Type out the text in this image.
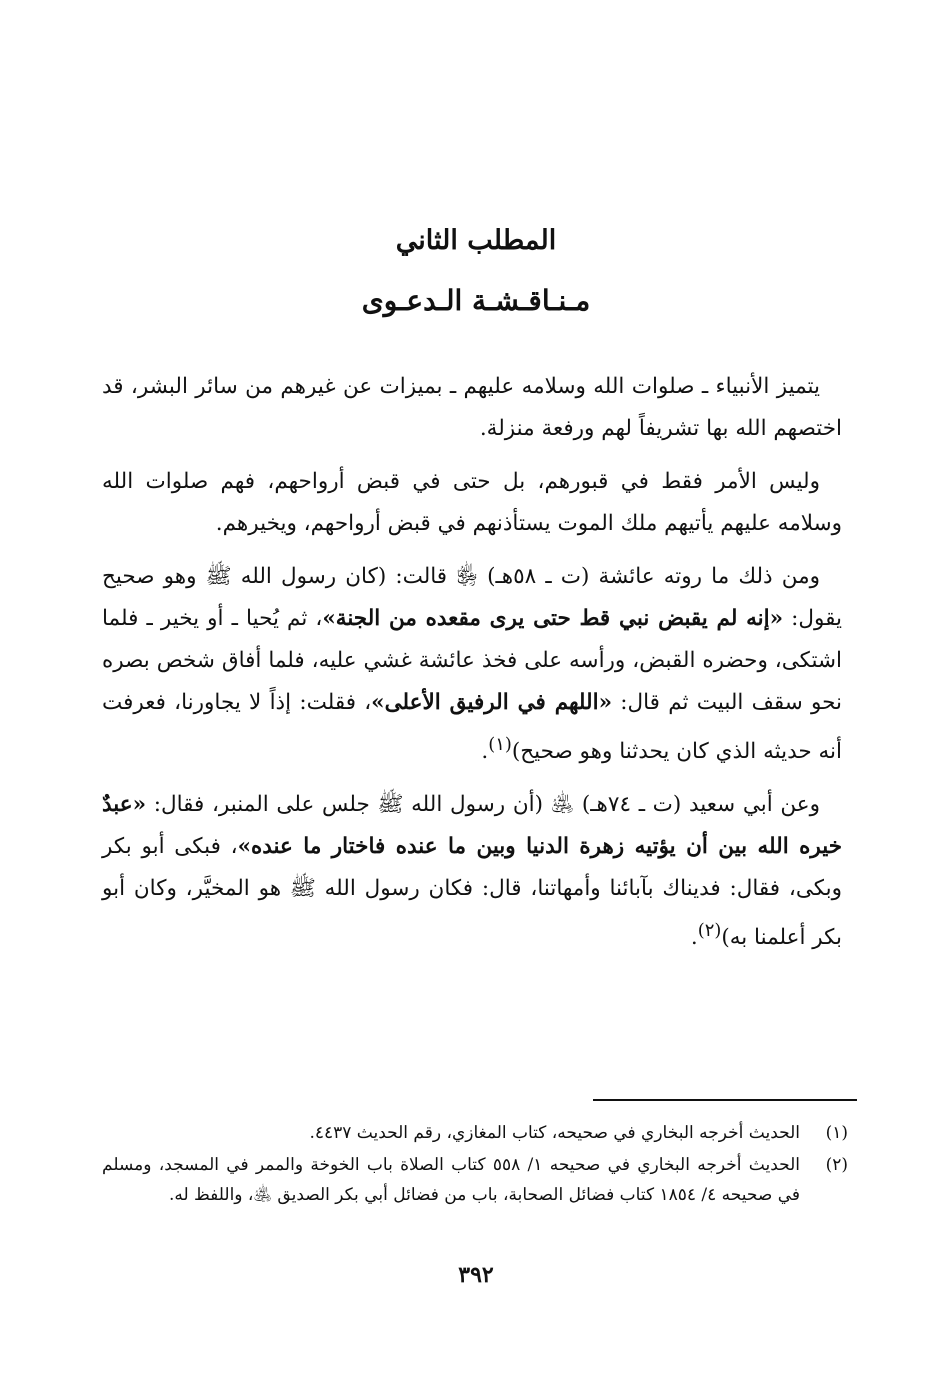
المطلب الثاني
مـنـاقـشـة الـدعـوى

يتميز الأنبياء ـ صلوات الله وسلامه عليهم ـ بميزات عن غيرهم من سائر البشر، قد اختصهم الله بها تشريفاً لهم ورفعة منزلة.

وليس الأمر فقط في قبورهم، بل حتى في قبض أرواحهم، فهم صلوات الله وسلامه عليهم يأتيهم ملك الموت يستأذنهم في قبض أرواحهم، ويخيرهم.

ومن ذلك ما روته عائشة (ت ـ ٥٨هـ) ﵂ قالت: (كان رسول الله ﷺ وهو صحيح يقول: «إنه لم يقبض نبي قط حتى يرى مقعده من الجنة»، ثم يُحيا ـ أو يخير ـ فلما اشتكى، وحضره القبض، ورأسه على فخذ عائشة غشي عليه، فلما أفاق شخص بصره نحو سقف البيت ثم قال: «اللهم في الرفيق الأعلى»، فقلت: إذاً لا يجاورنا، فعرفت أنه حديثه الذي كان يحدثنا وهو صحيح)$^{(١)}$.

وعن أبي سعيد (ت ـ ٧٤هـ) ﵁ (أن رسول الله ﷺ جلس على المنبر، فقال: «عبدٌ خيره الله بين أن يؤتيه زهرة الدنيا وبين ما عنده فاختار ما عنده»، فبكى أبو بكر وبكى، فقال: فديناك بآبائنا وأمهاتنا، قال: فكان رسول الله ﷺ هو المخيَّر، وكان أبو بكر أعلمنا به)$^{(٢)}$.

(١)
الحديث أخرجه البخاري في صحيحه، كتاب المغازي، رقم الحديث ٤٤٣٧.

(٢)
الحديث أخرجه البخاري في صحيحه ١/ ٥٥٨ كتاب الصلاة باب الخوخة والممر في المسجد، ومسلم في صحيحه ٤/ ١٨٥٤ كتاب فضائل الصحابة، باب من فضائل أبي بكر الصديق ﵁، واللفظ له.

٣٩٢
